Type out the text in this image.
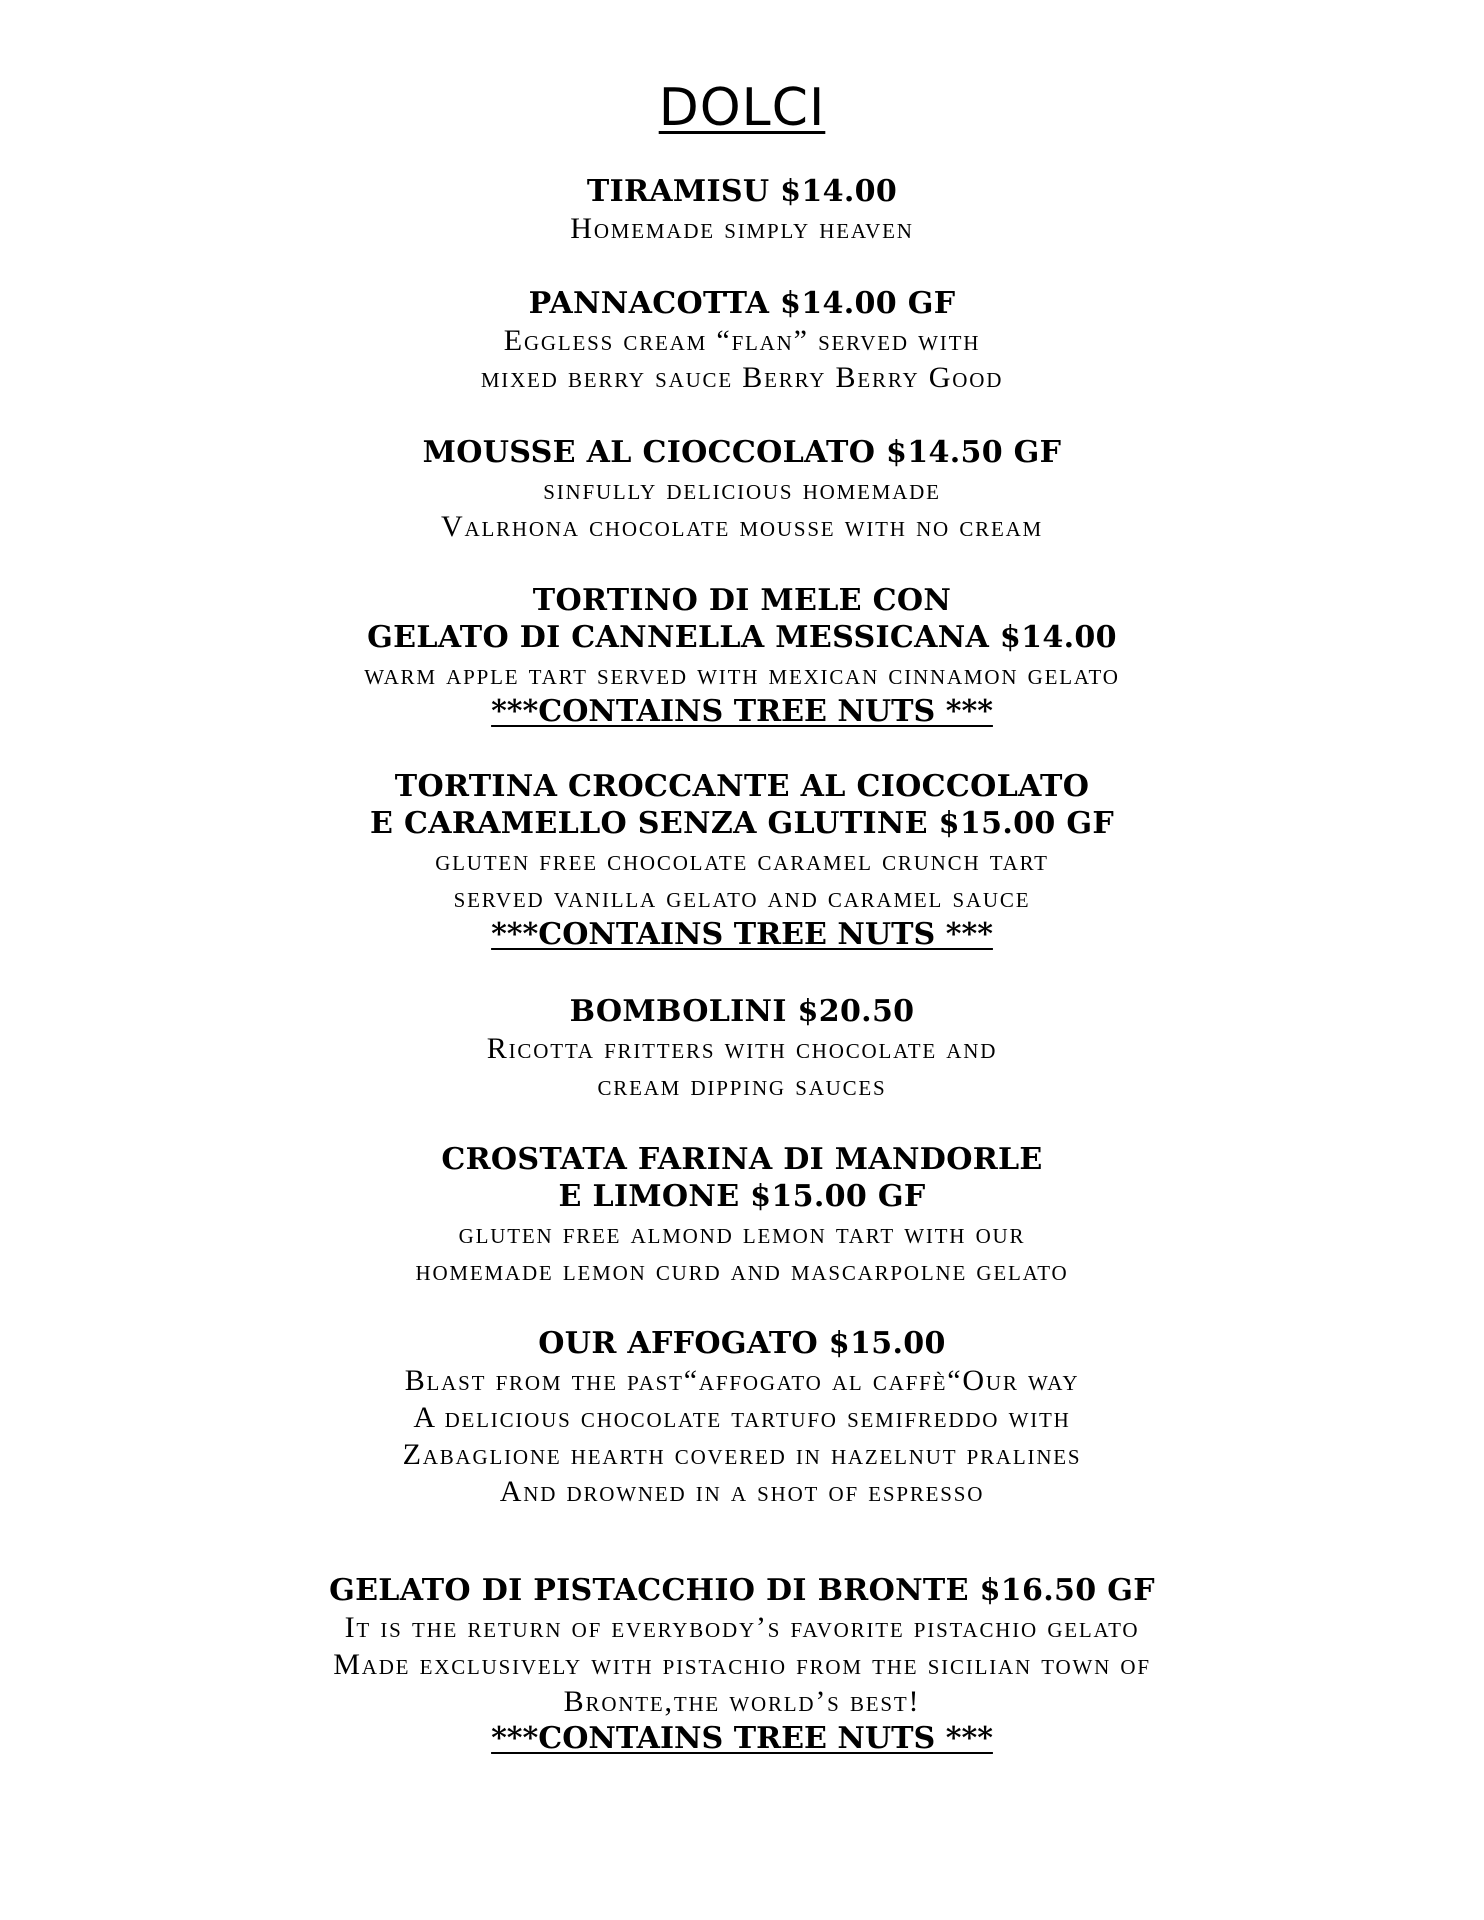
DOLCI
TIRAMISU $14.00
Homemade simply heaven
PANNACOTTA $14.00 GF
Eggless cream “flan” served with
mixed berry sauce Berry Berry Good
MOUSSE AL CIOCCOLATO $14.50 GF
sinfully delicious homemade
Valrhona chocolate mousse with no cream
TORTINO DI MELE CON
GELATO DI CANNELLA MESSICANA $14.00
warm apple tart served with mexican cinnamon gelato
***CONTAINS TREE NUTS ***
TORTINA CROCCANTE AL CIOCCOLATO
E CARAMELLO SENZA GLUTINE $15.00 GF
gluten free chocolate caramel crunch tart
served vanilla gelato and caramel sauce
***CONTAINS TREE NUTS ***
BOMBOLINI $20.50
Ricotta fritters with chocolate and
cream dipping sauces
CROSTATA FARINA DI MANDORLE
E LIMONE $15.00 GF
gluten free almond lemon tart with our
homemade lemon curd and mascarpolne gelato
OUR AFFOGATO $15.00
Blast from the past“affogato al caffè“Our way
A delicious chocolate tartufo semifreddo with
Zabaglione hearth covered in hazelnut pralines
And drowned in a shot of espresso
GELATO DI PISTACCHIO DI BRONTE $16.50 GF
It is the return of everybody’s favorite pistachio gelato
Made exclusively with pistachio from the sicilian town of
Bronte,the world’s best!
***CONTAINS TREE NUTS ***
